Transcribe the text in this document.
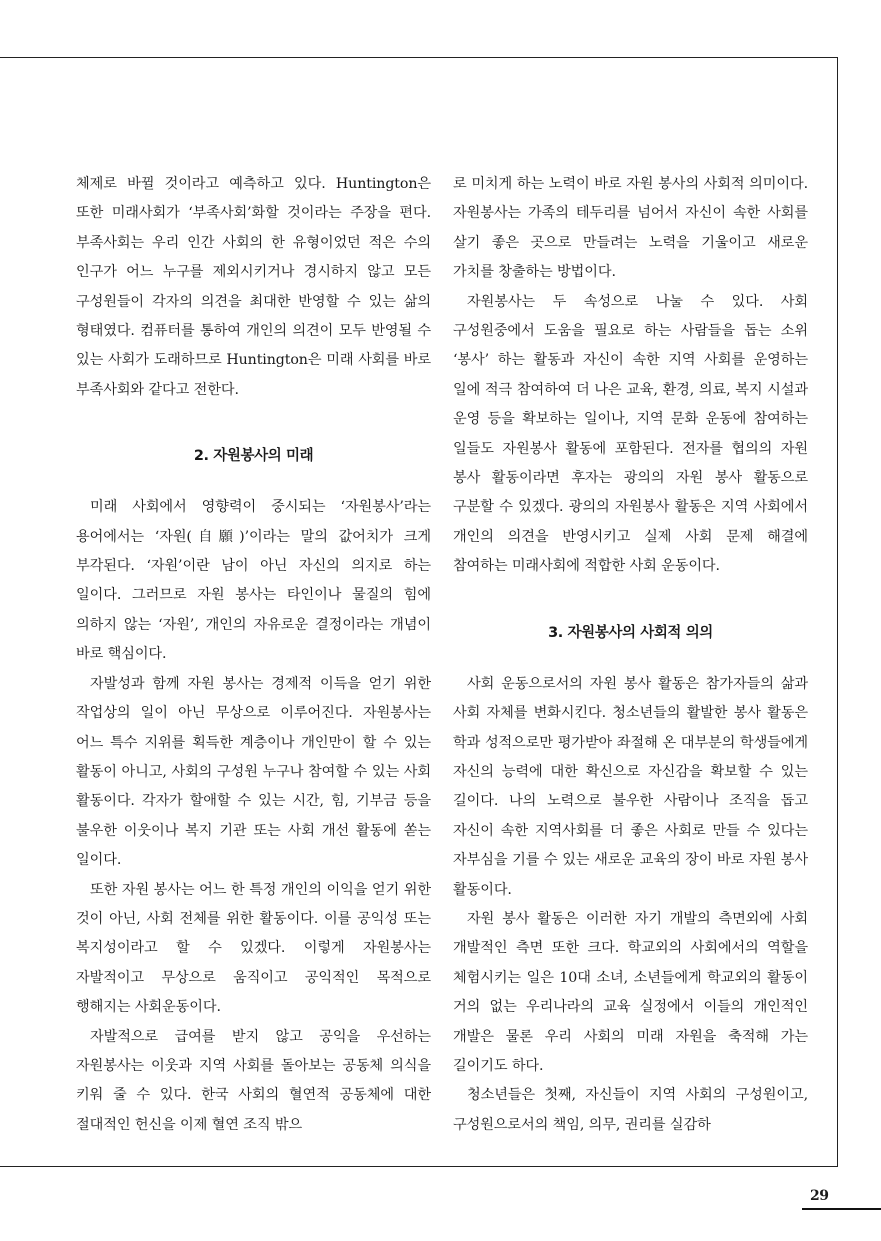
체제로 바뀔 것이라고 예측하고 있다. Huntington은 또한 미래사회가 ‘부족사회’화할 것이라는 주장을 편다. 부족사회는 우리 인간 사회의 한 유형이었던 적은 수의 인구가 어느 누구를 제외시키거나 경시하지 않고 모든 구성원들이 각자의 의견을 최대한 반영할 수 있는 삶의 형태였다. 컴퓨터를 통하여 개인의 의견이 모두 반영될 수 있는 사회가 도래하므로 Huntington은 미래 사회를 바로 부족사회와 같다고 전한다.

2. 자원봉사의 미래

미래 사회에서 영향력이 중시되는 ‘자원봉사’라는 용어에서는 ‘자원(自願)’이라는 말의 값어치가 크게 부각된다. ‘자원’이란 남이 아닌 자신의 의지로 하는 일이다. 그러므로 자원 봉사는 타인이나 물질의 힘에 의하지 않는 ‘자원’, 개인의 자유로운 결정이라는 개념이 바로 핵심이다.

자발성과 함께 자원 봉사는 경제적 이득을 얻기 위한 작업상의 일이 아닌 무상으로 이루어진다. 자원봉사는 어느 특수 지위를 획득한 계층이나 개인만이 할 수 있는 활동이 아니고, 사회의 구성원 누구나 참여할 수 있는 사회 활동이다. 각자가 할애할 수 있는 시간, 힘, 기부금 등을 불우한 이웃이나 복지 기관 또는 사회 개선 활동에 쏟는 일이다.

또한 자원 봉사는 어느 한 특정 개인의 이익을 얻기 위한 것이 아닌, 사회 전체를 위한 활동이다. 이를 공익성 또는 복지성이라고 할 수 있겠다. 이렇게 자원봉사는 자발적이고 무상으로 움직이고 공익적인 목적으로 행해지는 사회운동이다.

자발적으로 급여를 받지 않고 공익을 우선하는 자원봉사는 이웃과 지역 사회를 돌아보는 공동체 의식을 키워 줄 수 있다. 한국 사회의 혈연적 공동체에 대한 절대적인 헌신을 이제 혈연 조직 밖으

로 미치게 하는 노력이 바로 자원 봉사의 사회적 의미이다. 자원봉사는 가족의 테두리를 넘어서 자신이 속한 사회를 살기 좋은 곳으로 만들려는 노력을 기울이고 새로운 가치를 창출하는 방법이다.

자원봉사는 두 속성으로 나눌 수 있다. 사회 구성원중에서 도움을 필요로 하는 사람들을 돕는 소위 ‘봉사’ 하는 활동과 자신이 속한 지역 사회를 운영하는 일에 적극 참여하여 더 나은 교육, 환경, 의료, 복지 시설과 운영 등을 확보하는 일이나, 지역 문화 운동에 참여하는 일들도 자원봉사 활동에 포함된다. 전자를 협의의 자원 봉사 활동이라면 후자는 광의의 자원 봉사 활동으로 구분할 수 있겠다. 광의의 자원봉사 활동은 지역 사회에서 개인의 의견을 반영시키고 실제 사회 문제 해결에 참여하는 미래사회에 적합한 사회 운동이다.

3. 자원봉사의 사회적 의의

사회 운동으로서의 자원 봉사 활동은 참가자들의 삶과 사회 자체를 변화시킨다. 청소년들의 활발한 봉사 활동은 학과 성적으로만 평가받아 좌절해 온 대부분의 학생들에게 자신의 능력에 대한 확신으로 자신감을 확보할 수 있는 길이다. 나의 노력으로 불우한 사람이나 조직을 돕고 자신이 속한 지역사회를 더 좋은 사회로 만들 수 있다는 자부심을 기를 수 있는 새로운 교육의 장이 바로 자원 봉사 활동이다.

자원 봉사 활동은 이러한 자기 개발의 측면외에 사회 개발적인 측면 또한 크다. 학교외의 사회에서의 역할을 체험시키는 일은 10대 소녀, 소년들에게 학교외의 활동이 거의 없는 우리나라의 교육 실정에서 이들의 개인적인 개발은 물론 우리 사회의 미래 자원을 축적해 가는 길이기도 하다.

청소년들은 첫째, 자신들이 지역 사회의 구성원이고, 구성원으로서의 책임, 의무, 권리를 실감하

29
